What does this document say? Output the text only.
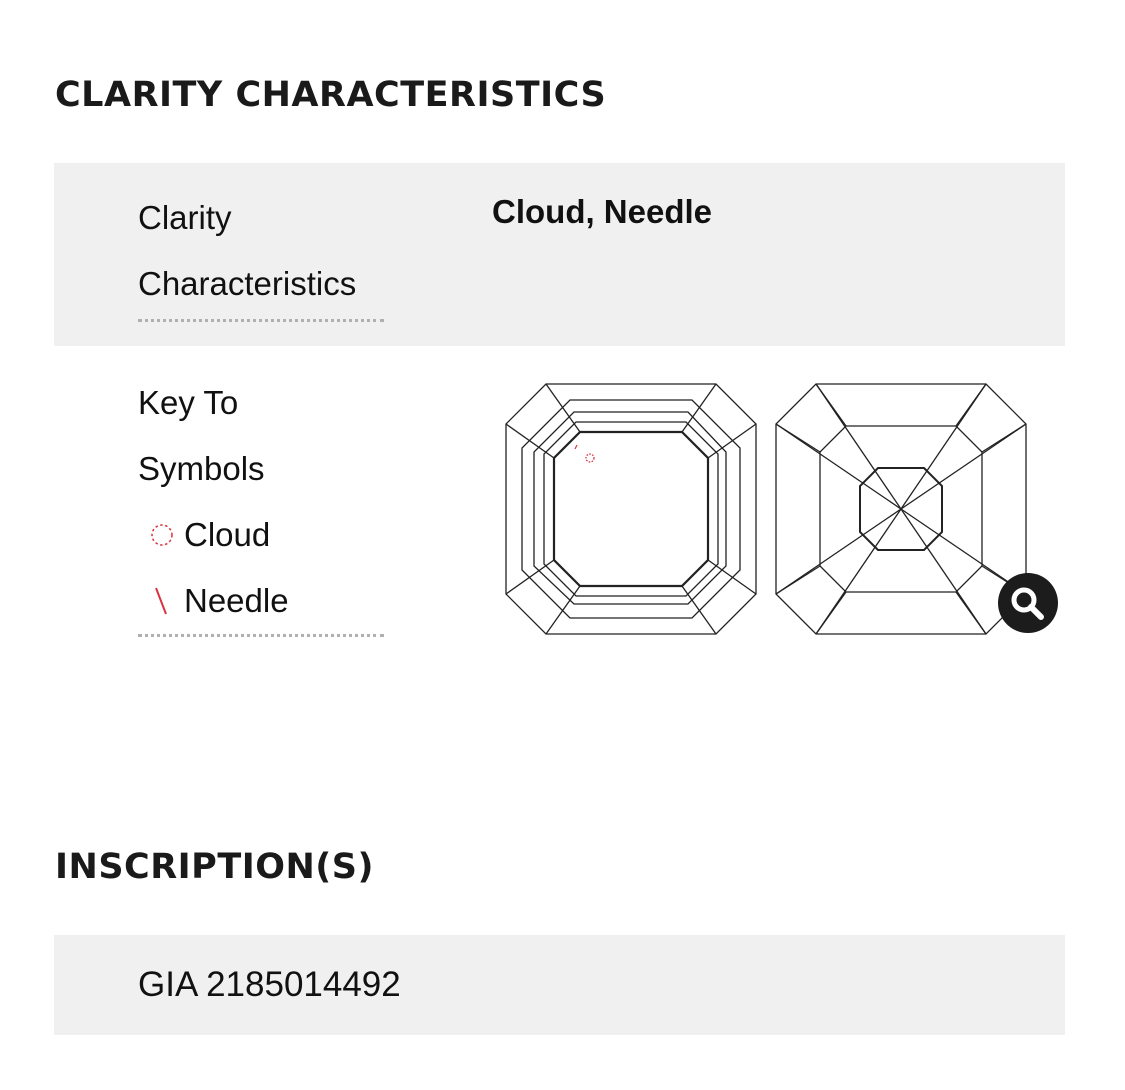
CLARITY CHARACTERISTICS
Clarity
Characteristics
Cloud, Needle
Key To
Symbols
Cloud
Needle
INSCRIPTION(S)
GIA 2185014492
